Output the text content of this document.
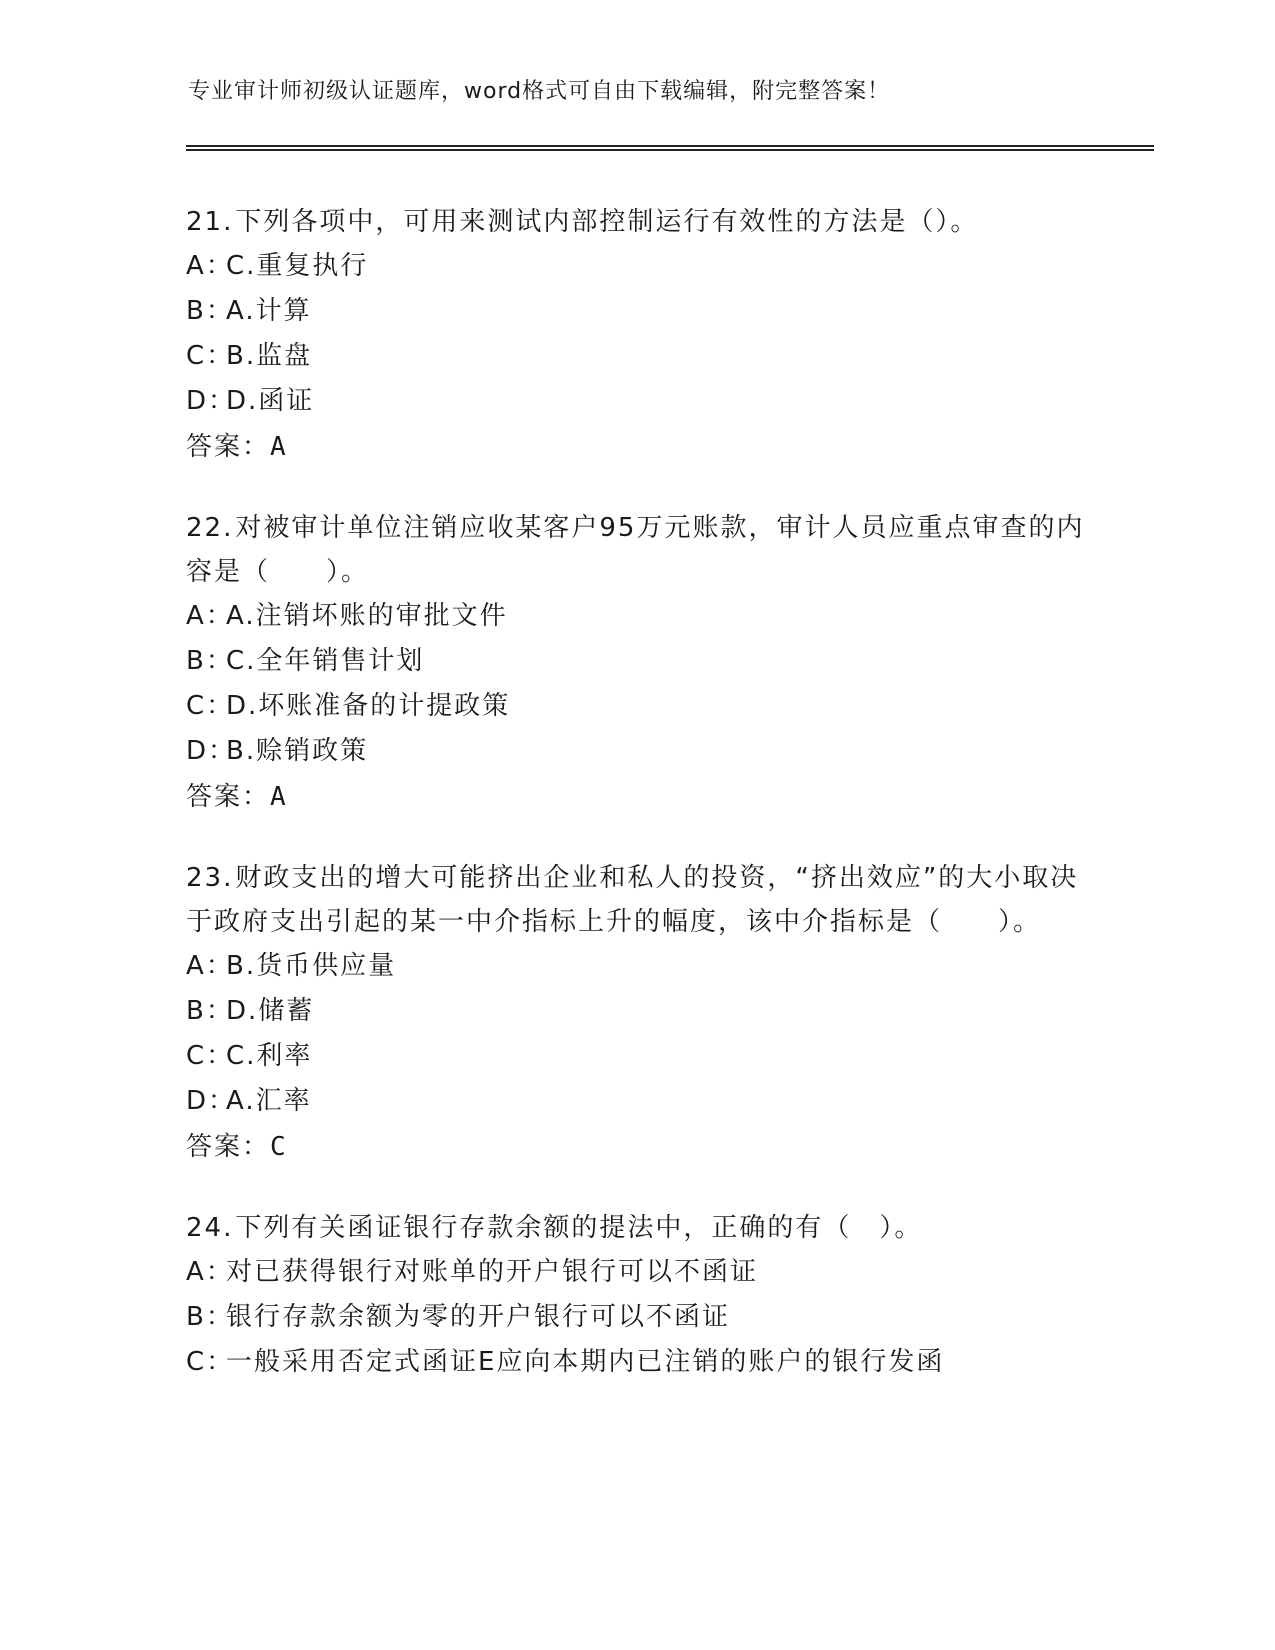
专业审计师初级认证题库，word格式可自由下载编辑，附完整答案！
21.下列各项中，可用来测试内部控制运行有效性的方法是（）。
A：C.重复执行
B：A.计算
C：B.监盘
D：D.函证
答案：A
22.对被审计单位注销应收某客户95万元账款，审计人员应重点审查的内容是（　　）。
A：A.注销坏账的审批文件
B：C.全年销售计划
C：D.坏账准备的计提政策
D：B.赊销政策
答案：A
23.财政支出的增大可能挤出企业和私人的投资，“挤出效应”的大小取决于政府支出引起的某一中介指标上升的幅度，该中介指标是（　　）。
A：B.货币供应量
B：D.储蓄
C：C.利率
D：A.汇率
答案：C
24.下列有关函证银行存款余额的提法中，正确的有（　）。
A：对已获得银行对账单的开户银行可以不函证
B：银行存款余额为零的开户银行可以不函证
C：一般采用否定式函证E应向本期内已注销的账户的银行发函
